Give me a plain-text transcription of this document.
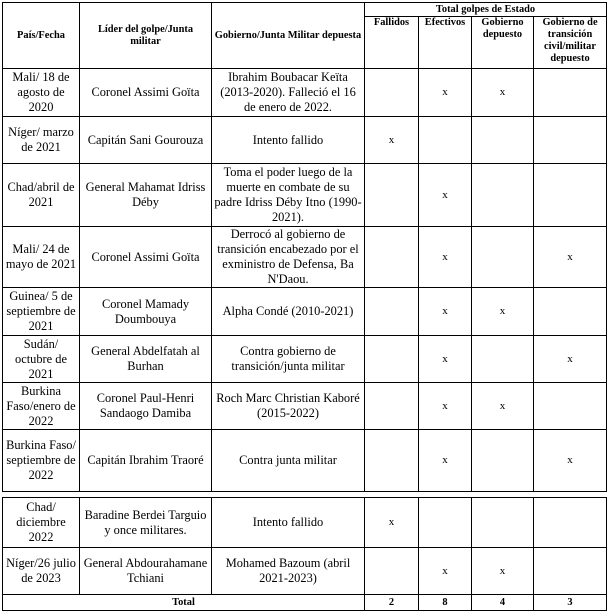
País/Fecha	Líder del golpe/Junta militar	Gobierno/Junta Militar depuesta	Total golpes de Estado			
			Fallidos	Efectivos	Gobierno depuesto	Gobierno de transición civil/militar depuesto
Mali/ 18 de agosto de 2020	Coronel Assimi Goïta	Ibrahim Boubacar Keïta (2013-2020). Falleció el 16 de enero de 2022.		x	x	
Níger/ marzo de 2021	Capitán Sani Gourouza	Intento fallido	x			
Chad/abril de 2021	General Mahamat Idriss Déby	Toma el poder luego de la muerte en combate de su padre Idriss Déby Itno (1990-2021).		x		
Mali/ 24 de mayo de 2021	Coronel Assimi Goïta	Derrocó al gobierno de transición encabezado por el exministro de Defensa, Ba N'Daou.		x		x
Guinea/ 5 de septiembre de 2021	Coronel Mamady Doumbouya	Alpha Condé (2010-2021)		x	x	
Sudán/ octubre de 2021	General Abdelfatah al Burhan	Contra gobierno de transición/junta militar		x		x
Burkina Faso/enero de 2022	Coronel Paul-Henri Sandaogo Damiba	Roch Marc Christian Kaboré (2015-2022)		x	x	
Burkina Faso/ septiembre de 2022	Capitán Ibrahim Traoré	Contra junta militar		x		x

Chad/ diciembre 2022	Baradine Berdei Targuio y once militares.	Intento fallido	x			
Níger/26 julio de 2023	General Abdourahamane Tchiani	Mohamed Bazoum (abril 2021-2023)		x	x	
Total			2	8	4	3
